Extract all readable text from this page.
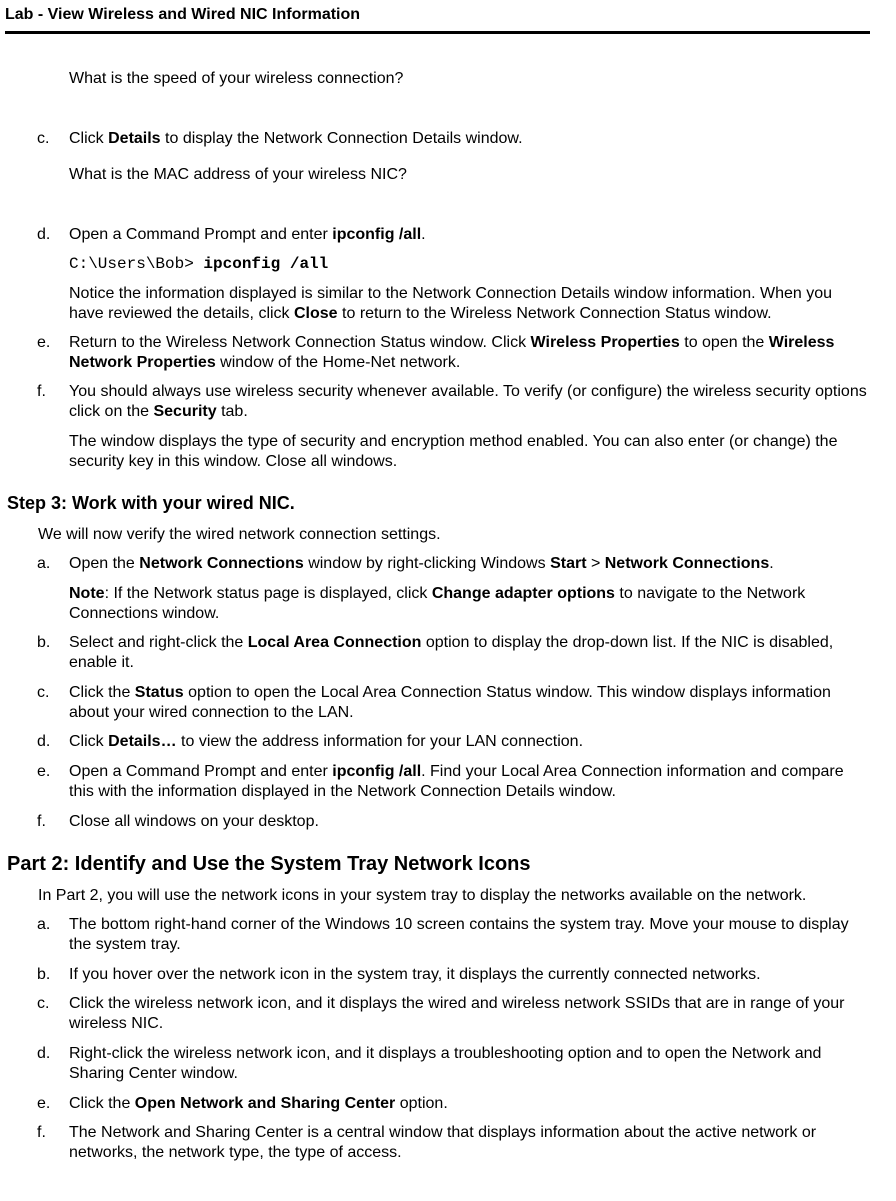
Lab - View Wireless and Wired NIC Information
What is the speed of your wireless connection?
c.	Click Details to display the Network Connection Details window.
What is the MAC address of your wireless NIC?
d.	Open a Command Prompt and enter ipconfig /all.
C:\Users\Bob> ipconfig /all
Notice the information displayed is similar to the Network Connection Details window information. When you have reviewed the details, click Close to return to the Wireless Network Connection Status window.
e.	Return to the Wireless Network Connection Status window. Click Wireless Properties to open the Wireless Network Properties window of the Home-Net network.
f.	You should always use wireless security whenever available. To verify (or configure) the wireless security options click on the Security tab.
The window displays the type of security and encryption method enabled. You can also enter (or change) the security key in this window. Close all windows.
Step 3: Work with your wired NIC.
We will now verify the wired network connection settings.
a.	Open the Network Connections window by right-clicking Windows Start > Network Connections.
Note: If the Network status page is displayed, click Change adapter options to navigate to the Network Connections window.
b.	Select and right-click the Local Area Connection option to display the drop-down list. If the NIC is disabled, enable it.
c.	Click the Status option to open the Local Area Connection Status window. This window displays information about your wired connection to the LAN.
d.	Click Details… to view the address information for your LAN connection.
e.	Open a Command Prompt and enter ipconfig /all. Find your Local Area Connection information and compare this with the information displayed in the Network Connection Details window.
f.	Close all windows on your desktop.
Part 2: Identify and Use the System Tray Network Icons
In Part 2, you will use the network icons in your system tray to display the networks available on the network.
a.	The bottom right-hand corner of the Windows 10 screen contains the system tray. Move your mouse to display the system tray.
b.	If you hover over the network icon in the system tray, it displays the currently connected networks.
c.	Click the wireless network icon, and it displays the wired and wireless network SSIDs that are in range of your wireless NIC.
d.	Right-click the wireless network icon, and it displays a troubleshooting option and to open the Network and Sharing Center window.
e.	Click the Open Network and Sharing Center option.
f.	The Network and Sharing Center is a central window that displays information about the active network or networks, the network type, the type of access.
